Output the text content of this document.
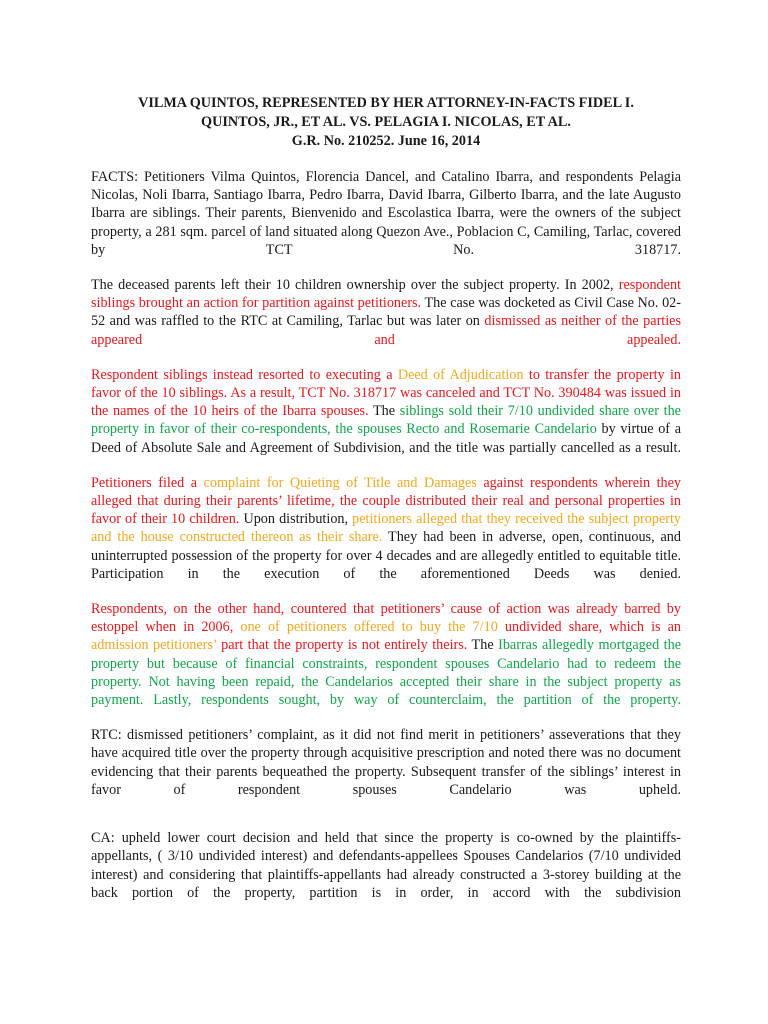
VILMA QUINTOS, REPRESENTED BY HER ATTORNEY-IN-FACTS FIDEL I.
QUINTOS, JR., ET AL. VS. PELAGIA I. NICOLAS, ET AL.
G.R. No. 210252. June 16, 2014

FACTS: Petitioners Vilma Quintos, Florencia Dancel, and Catalino Ibarra, and respondents Pelagia Nicolas, Noli Ibarra, Santiago Ibarra, Pedro Ibarra, David Ibarra, Gilberto Ibarra, and the late Augusto Ibarra are siblings. Their parents, Bienvenido and Escolastica Ibarra, were the owners of the subject property, a 281 sqm. parcel of land situated along Quezon Ave., Poblacion C, Camiling, Tarlac, covered by TCT No. 318717.

The deceased parents left their 10 children ownership over the subject property. In 2002, respondent siblings brought an action for partition against petitioners. The case was docketed as Civil Case No. 02-52 and was raffled to the RTC at Camiling, Tarlac but was later on dismissed as neither of the parties appeared and appealed.

Respondent siblings instead resorted to executing a Deed of Adjudication to transfer the property in favor of the 10 siblings. As a result, TCT No. 318717 was canceled and TCT No. 390484 was issued in the names of the 10 heirs of the Ibarra spouses. The siblings sold their 7/10 undivided share over the property in favor of their co-respondents, the spouses Recto and Rosemarie Candelario by virtue of a Deed of Absolute Sale and Agreement of Subdivision, and the title was partially cancelled as a result.

Petitioners filed a complaint for Quieting of Title and Damages against respondents wherein they alleged that during their parents’ lifetime, the couple distributed their real and personal properties in favor of their 10 children. Upon distribution, petitioners alleged that they received the subject property and the house constructed thereon as their share. They had been in adverse, open, continuous, and uninterrupted possession of the property for over 4 decades and are allegedly entitled to equitable title. Participation in the execution of the aforementioned Deeds was denied.

Respondents, on the other hand, countered that petitioners’ cause of action was already barred by estoppel when in 2006, one of petitioners offered to buy the 7/10 undivided share, which is an admission petitioners’ part that the property is not entirely theirs. The Ibarras allegedly mortgaged the property but because of financial constraints, respondent spouses Candelario had to redeem the property. Not having been repaid, the Candelarios accepted their share in the subject property as payment. Lastly, respondents sought, by way of counterclaim, the partition of the property.

RTC: dismissed petitioners’ complaint, as it did not find merit in petitioners’ asseverations that they have acquired title over the property through acquisitive prescription and noted there was no document evidencing that their parents bequeathed the property. Subsequent transfer of the siblings’ interest in favor of respondent spouses Candelario was upheld.

CA: upheld lower court decision and held that since the property is co-owned by the plaintiffs-appellants, ( 3/10 undivided interest) and defendants-appellees Spouses Candelarios (7/10 undivided interest) and considering that plaintiffs-appellants had already constructed a 3-storey building at the back portion of the property, partition is in order, in accord with the subdivision
